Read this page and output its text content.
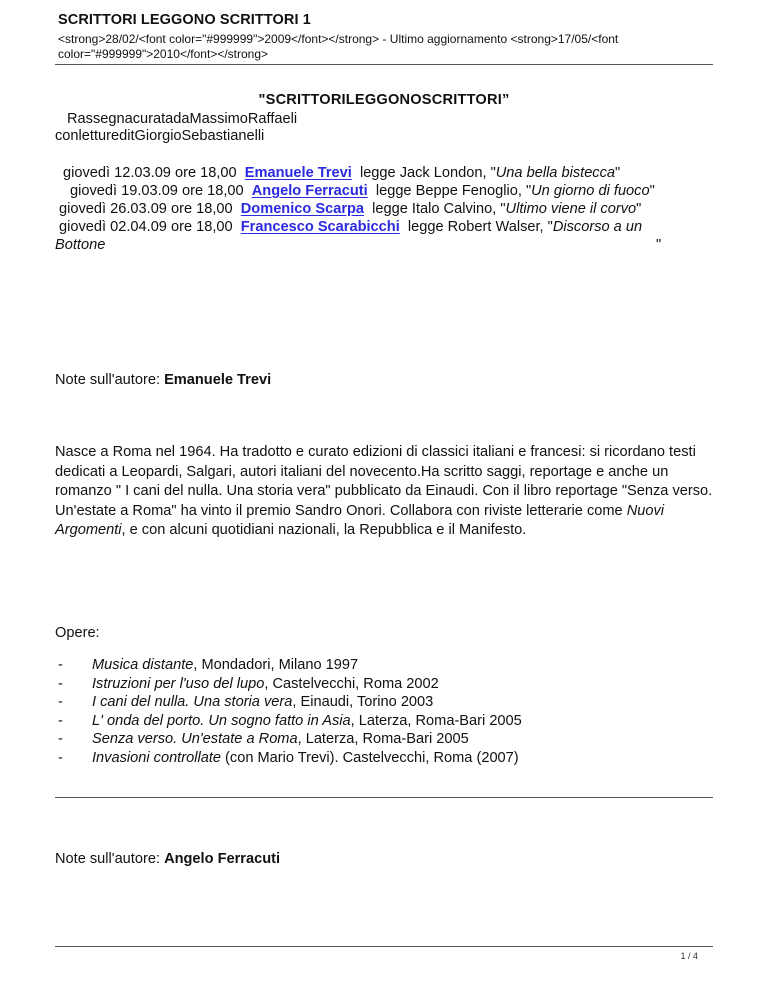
SCRITTORI LEGGONO SCRITTORI 1
<strong>28/02/<font color="#999999">2009</font></strong> - Ultimo aggiornamento <strong>17/05/<font
color="#999999">2010</font></strong>
"SCRITTORILEGGONOSCRITTORI”
RassegnacuratadaMassimoRaffaeli
conlettureditGiorgioSebastianelli
giovedì 12.03.09 ore 18,00 Emanuele Trevi legge Jack London, "Una bella bistecca"
giovedì 19.03.09 ore 18,00 Angelo Ferracuti legge Beppe Fenoglio, "Un giorno di fuoco"
giovedì 26.03.09 ore 18,00 Domenico Scarpa legge Italo Calvino, "Ultimo viene il corvo"
giovedì 02.04.09 ore 18,00 Francesco Scarabicchi legge Robert Walser, "Discorso a un
Bottone	"
Note sull'autore: Emanuele Trevi
Nasce a Roma nel 1964. Ha tradotto e curato edizioni di classici italiani e francesi: si ricordano testi dedicati a Leopardi, Salgari, autori italiani del novecento.Ha scritto saggi, reportage e anche un romanzo " I cani del nulla. Una storia vera" pubblicato da Einaudi. Con il libro reportage "Senza verso. Un'estate a Roma" ha vinto il premio Sandro Onori. Collabora con riviste letterarie come Nuovi Argomenti, e con alcuni quotidiani nazionali, la Repubblica e il Manifesto.
Opere:
- Musica distante, Mondadori, Milano 1997
- Istruzioni per l'uso del lupo, Castelvecchi, Roma 2002
- I cani del nulla. Una storia vera, Einaudi, Torino 2003
- L' onda del porto. Un sogno fatto in Asia, Laterza, Roma-Bari 2005
- Senza verso. Un'estate a Roma, Laterza, Roma-Bari 2005
- Invasioni controllate (con Mario Trevi). Castelvecchi, Roma (2007)
Note sull'autore: Angelo Ferracuti
1 / 4
